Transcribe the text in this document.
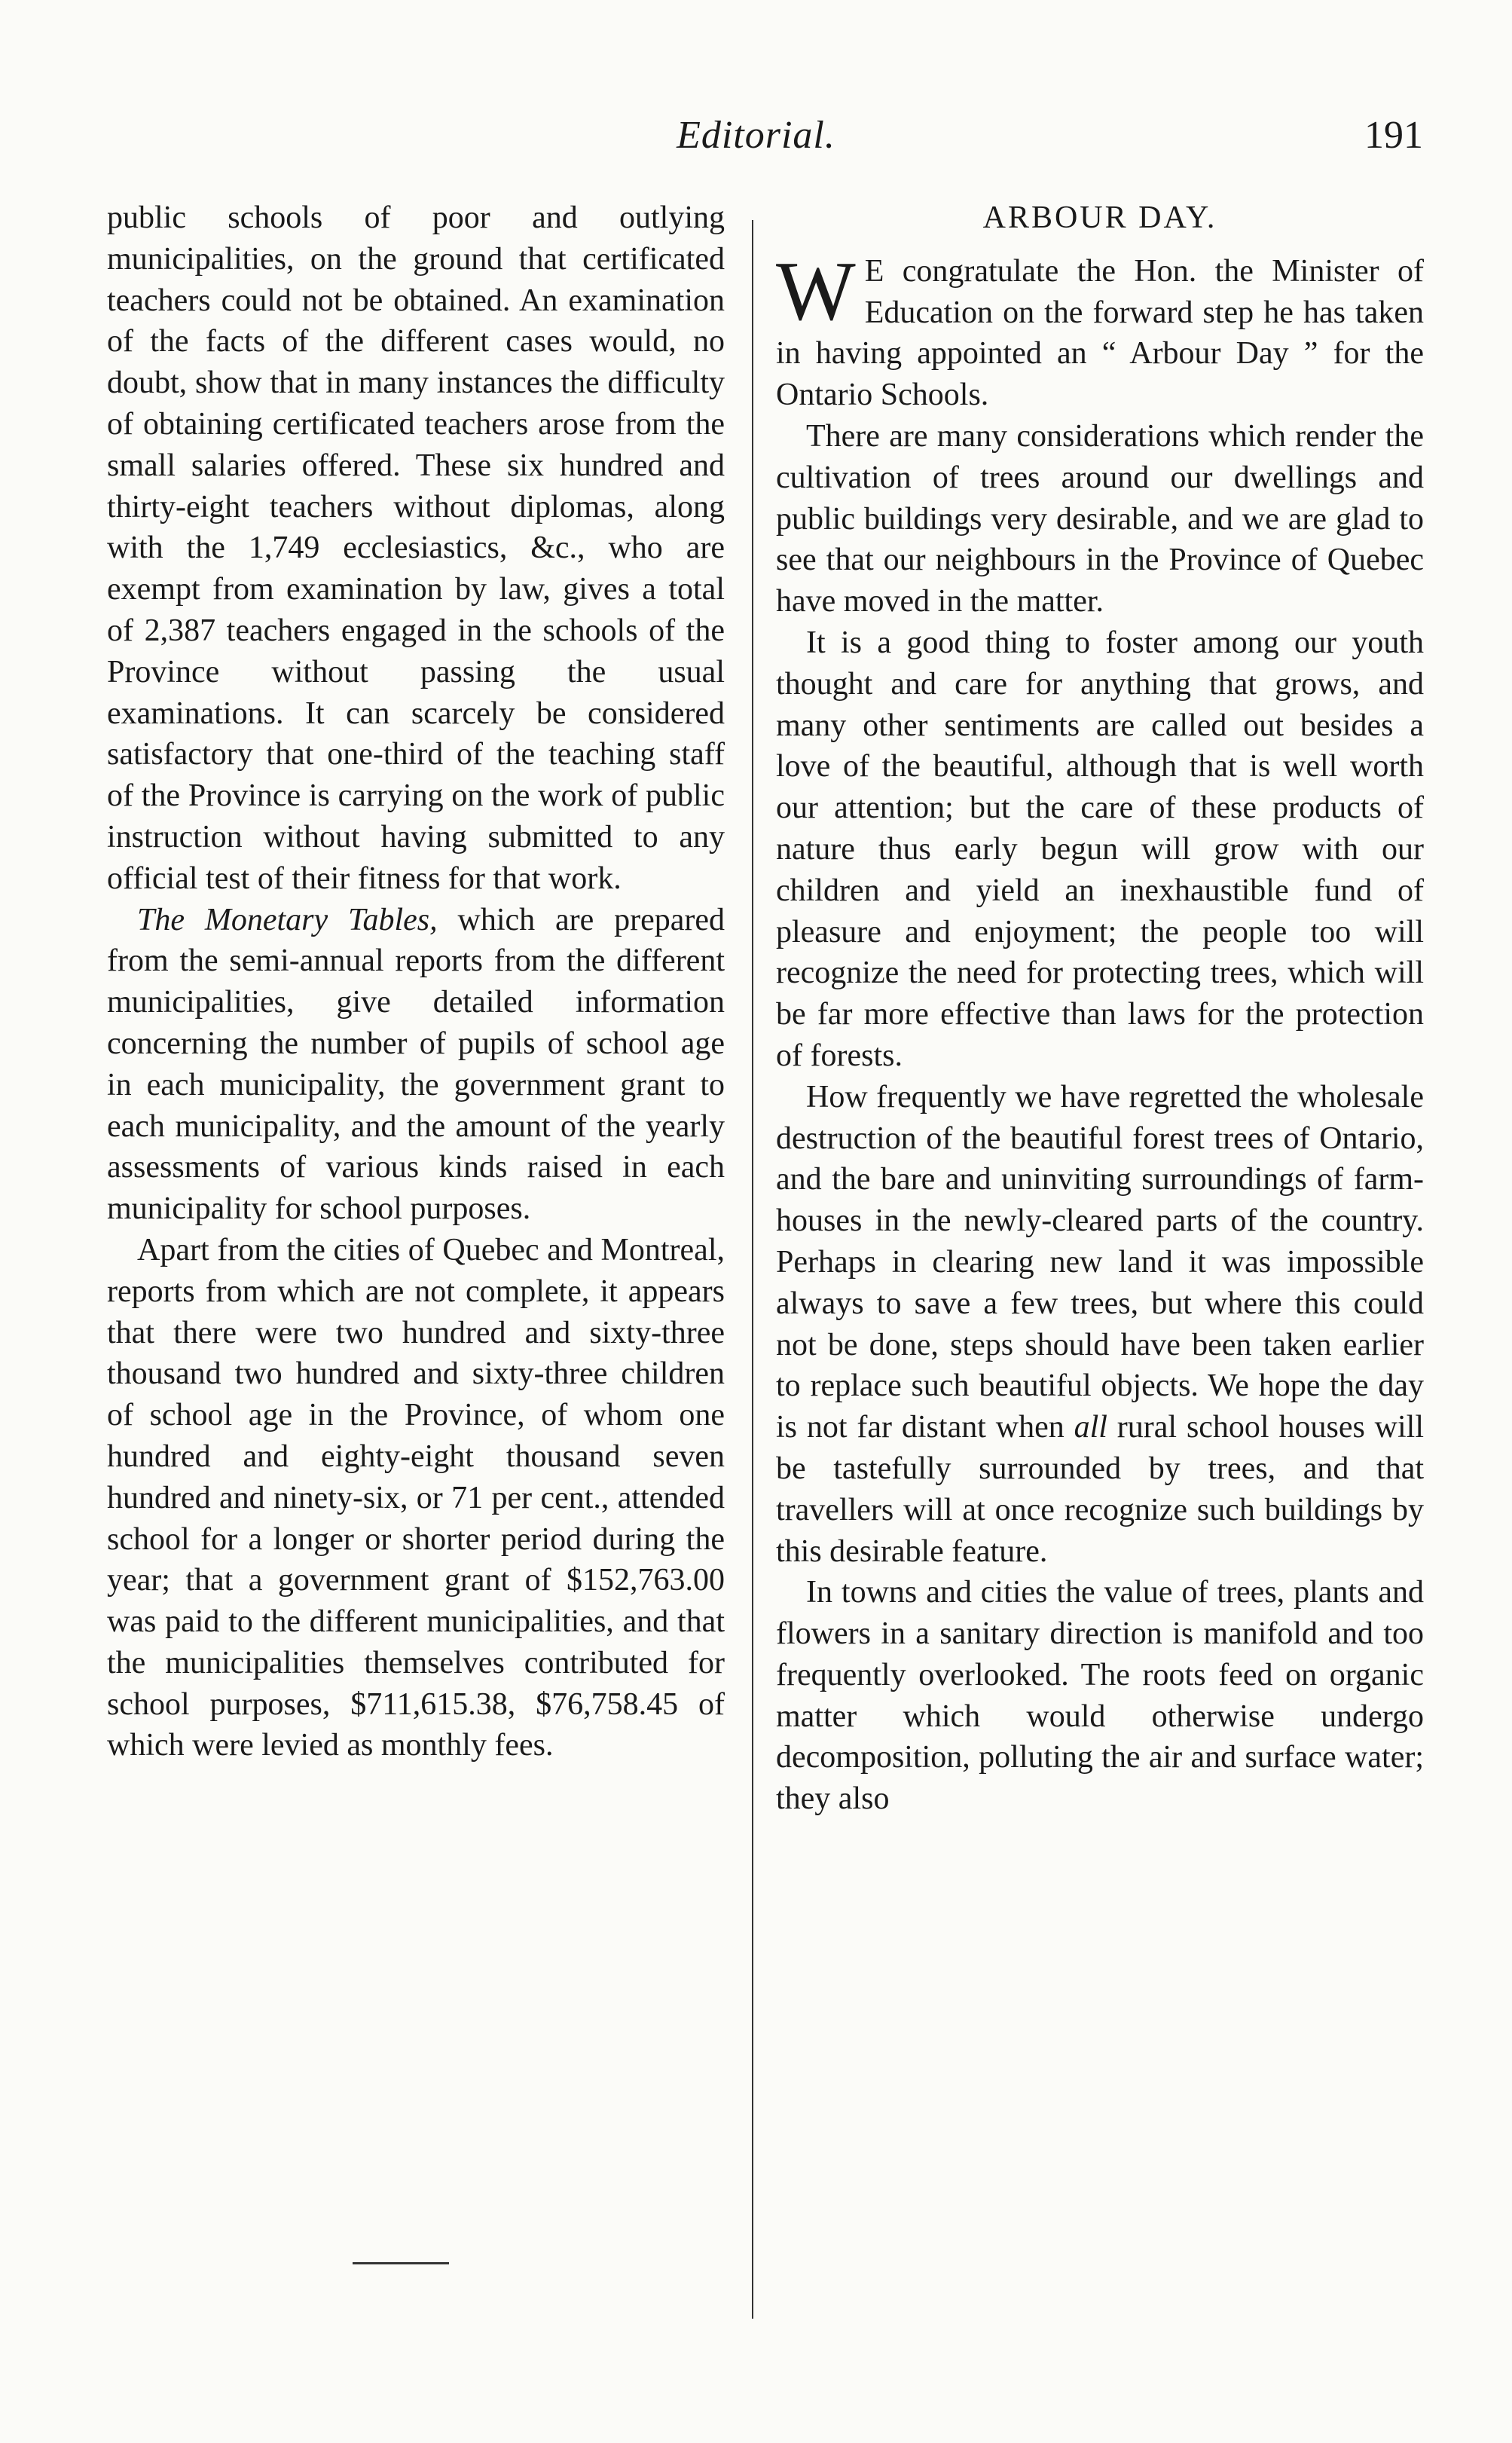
Editorial.	191

public schools of poor and outlying municipalities, on the ground that certificated teachers could not be obtained. An examination of the facts of the different cases would, no doubt, show that in many instances the difficulty of obtaining certificated teachers arose from the small salaries offered. These six hundred and thirty-eight teachers without diplomas, along with the 1,749 ecclesiastics, &c., who are exempt from examination by law, gives a total of 2,387 teachers engaged in the schools of the Province without passing the usual examinations. It can scarcely be considered satisfactory that one-third of the teaching staff of the Province is carrying on the work of public instruction without having submitted to any official test of their fitness for that work.

The Monetary Tables, which are prepared from the semi-annual reports from the different municipalities, give detailed information concerning the number of pupils of school age in each municipality, the government grant to each municipality, and the amount of the yearly assessments of various kinds raised in each municipality for school purposes.

Apart from the cities of Quebec and Montreal, reports from which are not complete, it appears that there were two hundred and sixty-three thousand two hundred and sixty-three children of school age in the Province, of whom one hundred and eighty-eight thousand seven hundred and ninety-six, or 71 per cent., attended school for a longer or shorter period during the year; that a government grant of $152,763.00 was paid to the different municipalities, and that the municipalities themselves contributed for school purposes, $711,615.38, $76,758.45 of which were levied as monthly fees.

ARBOUR DAY.

W E congratulate the Hon. the Minister of Education on the forward step he has taken in having appointed an “ Arbour Day ” for the Ontario Schools.

There are many considerations which render the cultivation of trees around our dwellings and public buildings very desirable, and we are glad to see that our neighbours in the Province of Quebec have moved in the matter.

It is a good thing to foster among our youth thought and care for anything that grows, and many other sentiments are called out besides a love of the beautiful, although that is well worth our attention; but the care of these products of nature thus early begun will grow with our children and yield an inexhaustible fund of pleasure and enjoyment; the people too will recognize the need for protecting trees, which will be far more effective than laws for the protection of forests.

How frequently we have regretted the wholesale destruction of the beautiful forest trees of Ontario, and the bare and uninviting surroundings of farm-houses in the newly-cleared parts of the country. Perhaps in clearing new land it was impossible always to save a few trees, but where this could not be done, steps should have been taken earlier to replace such beautiful objects. We hope the day is not far distant when all rural school houses will be tastefully surrounded by trees, and that travellers will at once recognize such buildings by this desirable feature.

In towns and cities the value of trees, plants and flowers in a sanitary direction is manifold and too frequently overlooked. The roots feed on organic matter which would otherwise undergo decomposition, polluting the air and surface water; they also
